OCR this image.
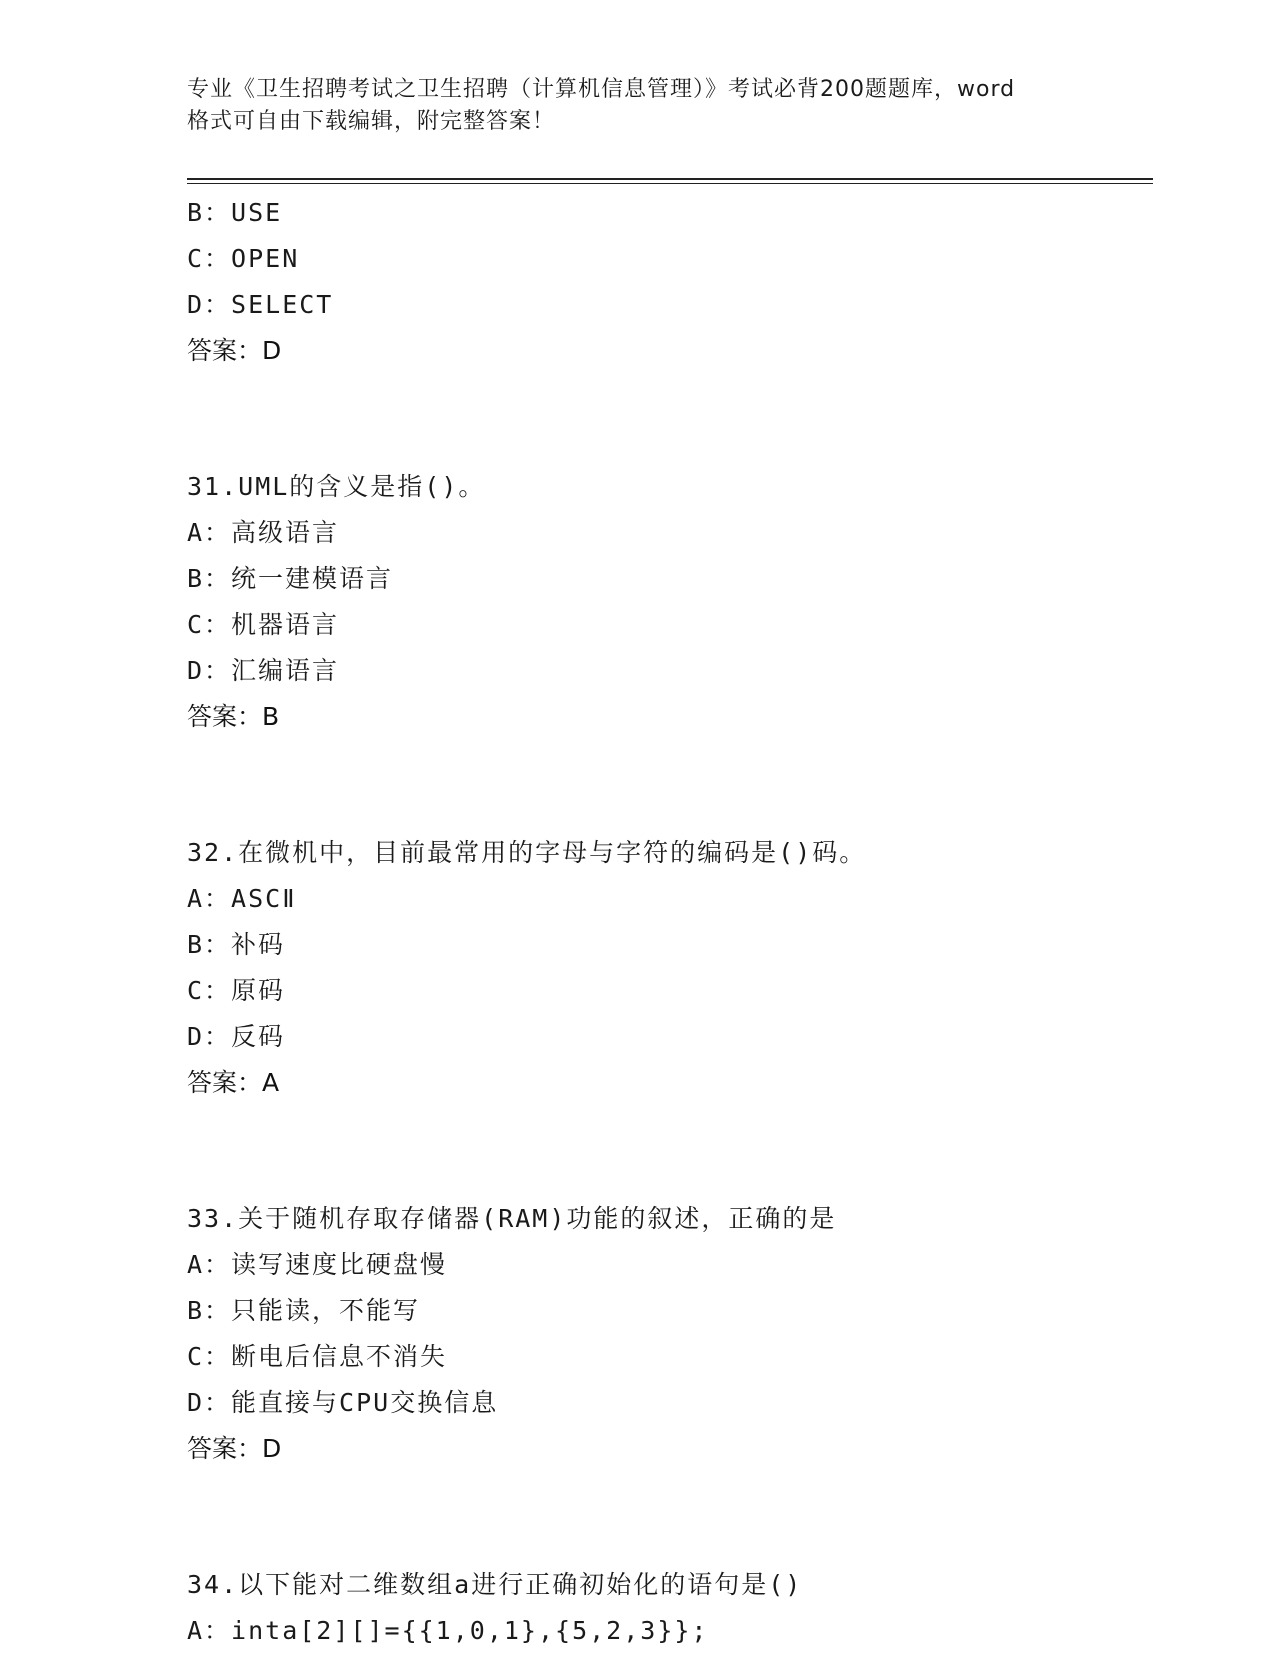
专业《卫生招聘考试之卫生招聘（计算机信息管理）》考试必背200题题库，word
格式可自由下载编辑，附完整答案！
B：USE
C：OPEN
D：SELECT
答案：D
31.UML的含义是指()。
A：高级语言
B：统一建模语言
C：机器语言
D：汇编语言
答案：B
32.在微机中，目前最常用的字母与字符的编码是()码。
A：ASCⅡ
B：补码
C：原码
D：反码
答案：A
33.关于随机存取存储器(RAM)功能的叙述，正确的是
A：读写速度比硬盘慢
B：只能读，不能写
C：断电后信息不消失
D：能直接与CPU交换信息
答案：D
34.以下能对二维数组a进行正确初始化的语句是()
A：inta[2][]={{1,0,1},{5,2,3}};
